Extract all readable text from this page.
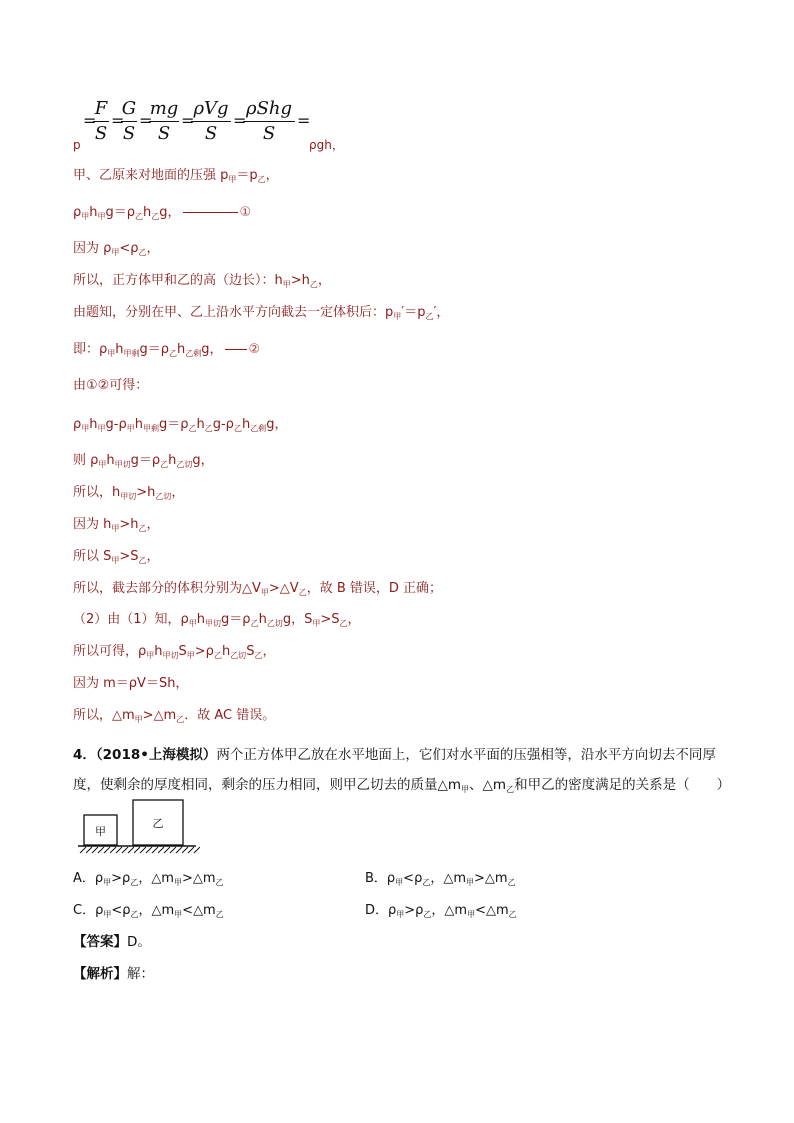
p
=
F
S
=
G
S
=
mg
S
=
ρVg
S
=
ρShg
S
=
ρgh，
甲、乙原来对地面的压强 $p_甲=p_乙$，
$\rho_甲h_甲g=\rho_乙h_乙g$，	①
因为 $\rho_甲<\rho_乙$，
所以，正方体甲和乙的高（边长）：$h_甲>h_乙$，
由题知，分别在甲、乙上沿水平方向截去一定体积后：$p_甲'=p_乙'$，
即：$\rho_甲h_{甲剩}g=\rho_乙h_{乙剩}g$， ②
由①②可得：
$\rho_甲h_甲g-\rho_甲h_{甲剩}g=\rho_乙h_乙g-\rho_乙h_{乙剩}g$，
则 $\rho_甲h_{甲切}g=\rho_乙h_{乙切}g$，
所以，$h_{甲切}>h_{乙切}$，
因为 $h_甲>h_乙$，
所以 $S_甲>S_乙$，
所以，截去部分的体积分别为$\triangle V_甲>\triangle V_乙$，故 B 错误，D 正确；
（2）由（1）知，$\rho_甲h_{甲切}g=\rho_乙h_{乙切}g$，$S_甲>S_乙$，
所以可得，$\rho_甲h_{甲切}S_甲>\rho_乙h_{乙切}S_乙$，
因为 m＝ρV＝Sh，
所以，$\triangle m_甲>\triangle m_乙$．故 AC 错误。
4．（2018•上海模拟）两个正方体甲乙放在水平地面上，它们对水平面的压强相等，沿水平方向切去不同厚
度，使剩余的厚度相同，剩余的压力相同，则甲乙切去的质量$\triangle m_甲$、$\triangle m_乙$和甲乙的密度满足的关系是（　　）
甲
乙
A．$\rho_甲>\rho_乙$，$\triangle m_甲>\triangle m_乙$	B．$\rho_甲<\rho_乙$，$\triangle m_甲>\triangle m_乙$
C．$\rho_甲<\rho_乙$，$\triangle m_甲<\triangle m_乙$	D．$\rho_甲>\rho_乙$，$\triangle m_甲<\triangle m_乙$
【答案】D。
【解析】解：
